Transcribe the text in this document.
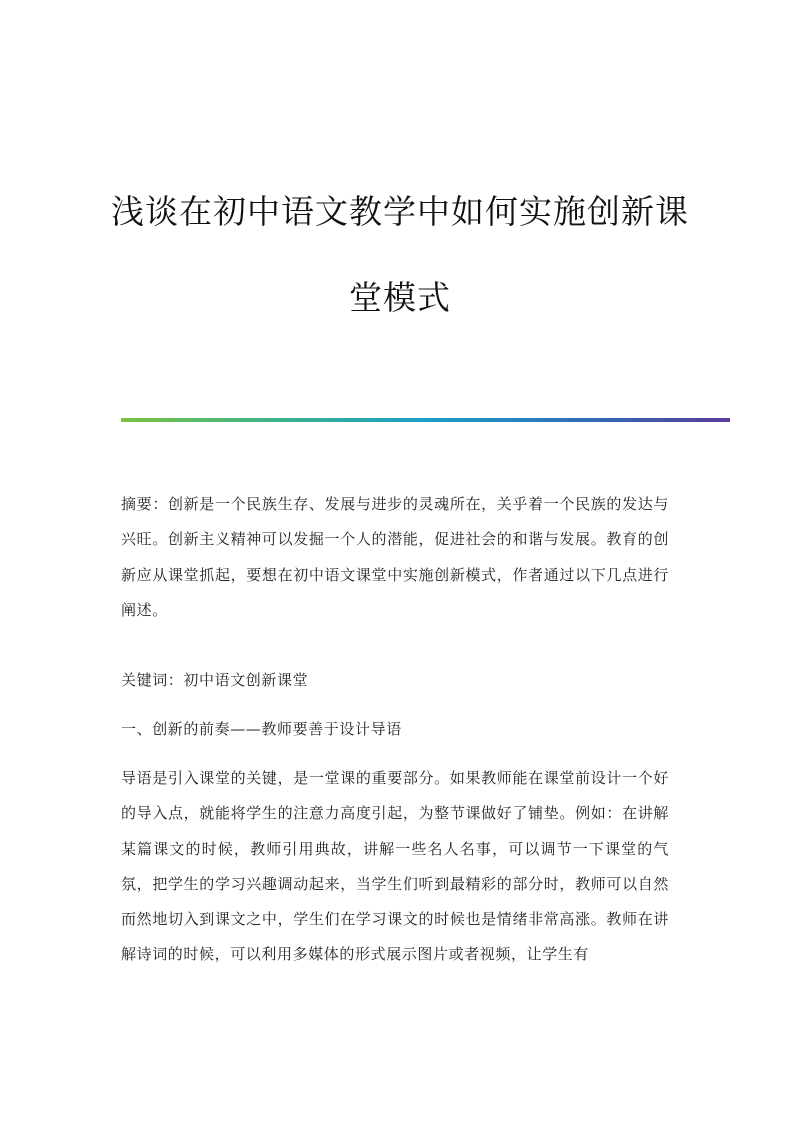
浅谈在初中语文教学中如何实施创新课
堂模式

摘要：创新是一个民族生存、发展与进步的灵魂所在，关乎着一个民族的发达与兴旺。创新主义精神可以发掘一个人的潜能，促进社会的和谐与发展。教育的创新应从课堂抓起，要想在初中语文课堂中实施创新模式，作者通过以下几点进行阐述。

关键词：初中语文创新课堂

一、创新的前奏——教师要善于设计导语

导语是引入课堂的关键，是一堂课的重要部分。如果教师能在课堂前设计一个好的导入点，就能将学生的注意力高度引起，为整节课做好了铺垫。例如：在讲解某篇课文的时候，教师引用典故，讲解一些名人名事，可以调节一下课堂的气氛，把学生的学习兴趣调动起来，当学生们听到最精彩的部分时，教师可以自然而然地切入到课文之中，学生们在学习课文的时候也是情绪非常高涨。教师在讲解诗词的时候，可以利用多媒体的形式展示图片或者视频，让学生有
